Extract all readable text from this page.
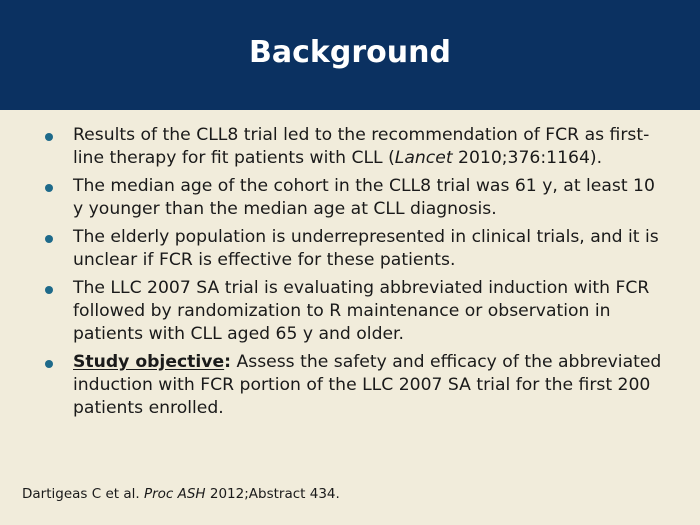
Background
Results of the CLL8 trial led to the recommendation of FCR as first-line therapy for fit patients with CLL (Lancet 2010;376:1164).
The median age of the cohort in the CLL8 trial was 61 y, at least 10 y younger than the median age at CLL diagnosis.
The elderly population is underrepresented in clinical trials, and it is unclear if FCR is effective for these patients.
The LLC 2007 SA trial is evaluating abbreviated induction with FCR followed by randomization to R maintenance or observation in patients with CLL aged 65 y and older.
Study objective: Assess the safety and efficacy of the abbreviated induction with FCR portion of the LLC 2007 SA trial for the first 200 patients enrolled.
Dartigeas C et al. Proc ASH 2012;Abstract 434.
